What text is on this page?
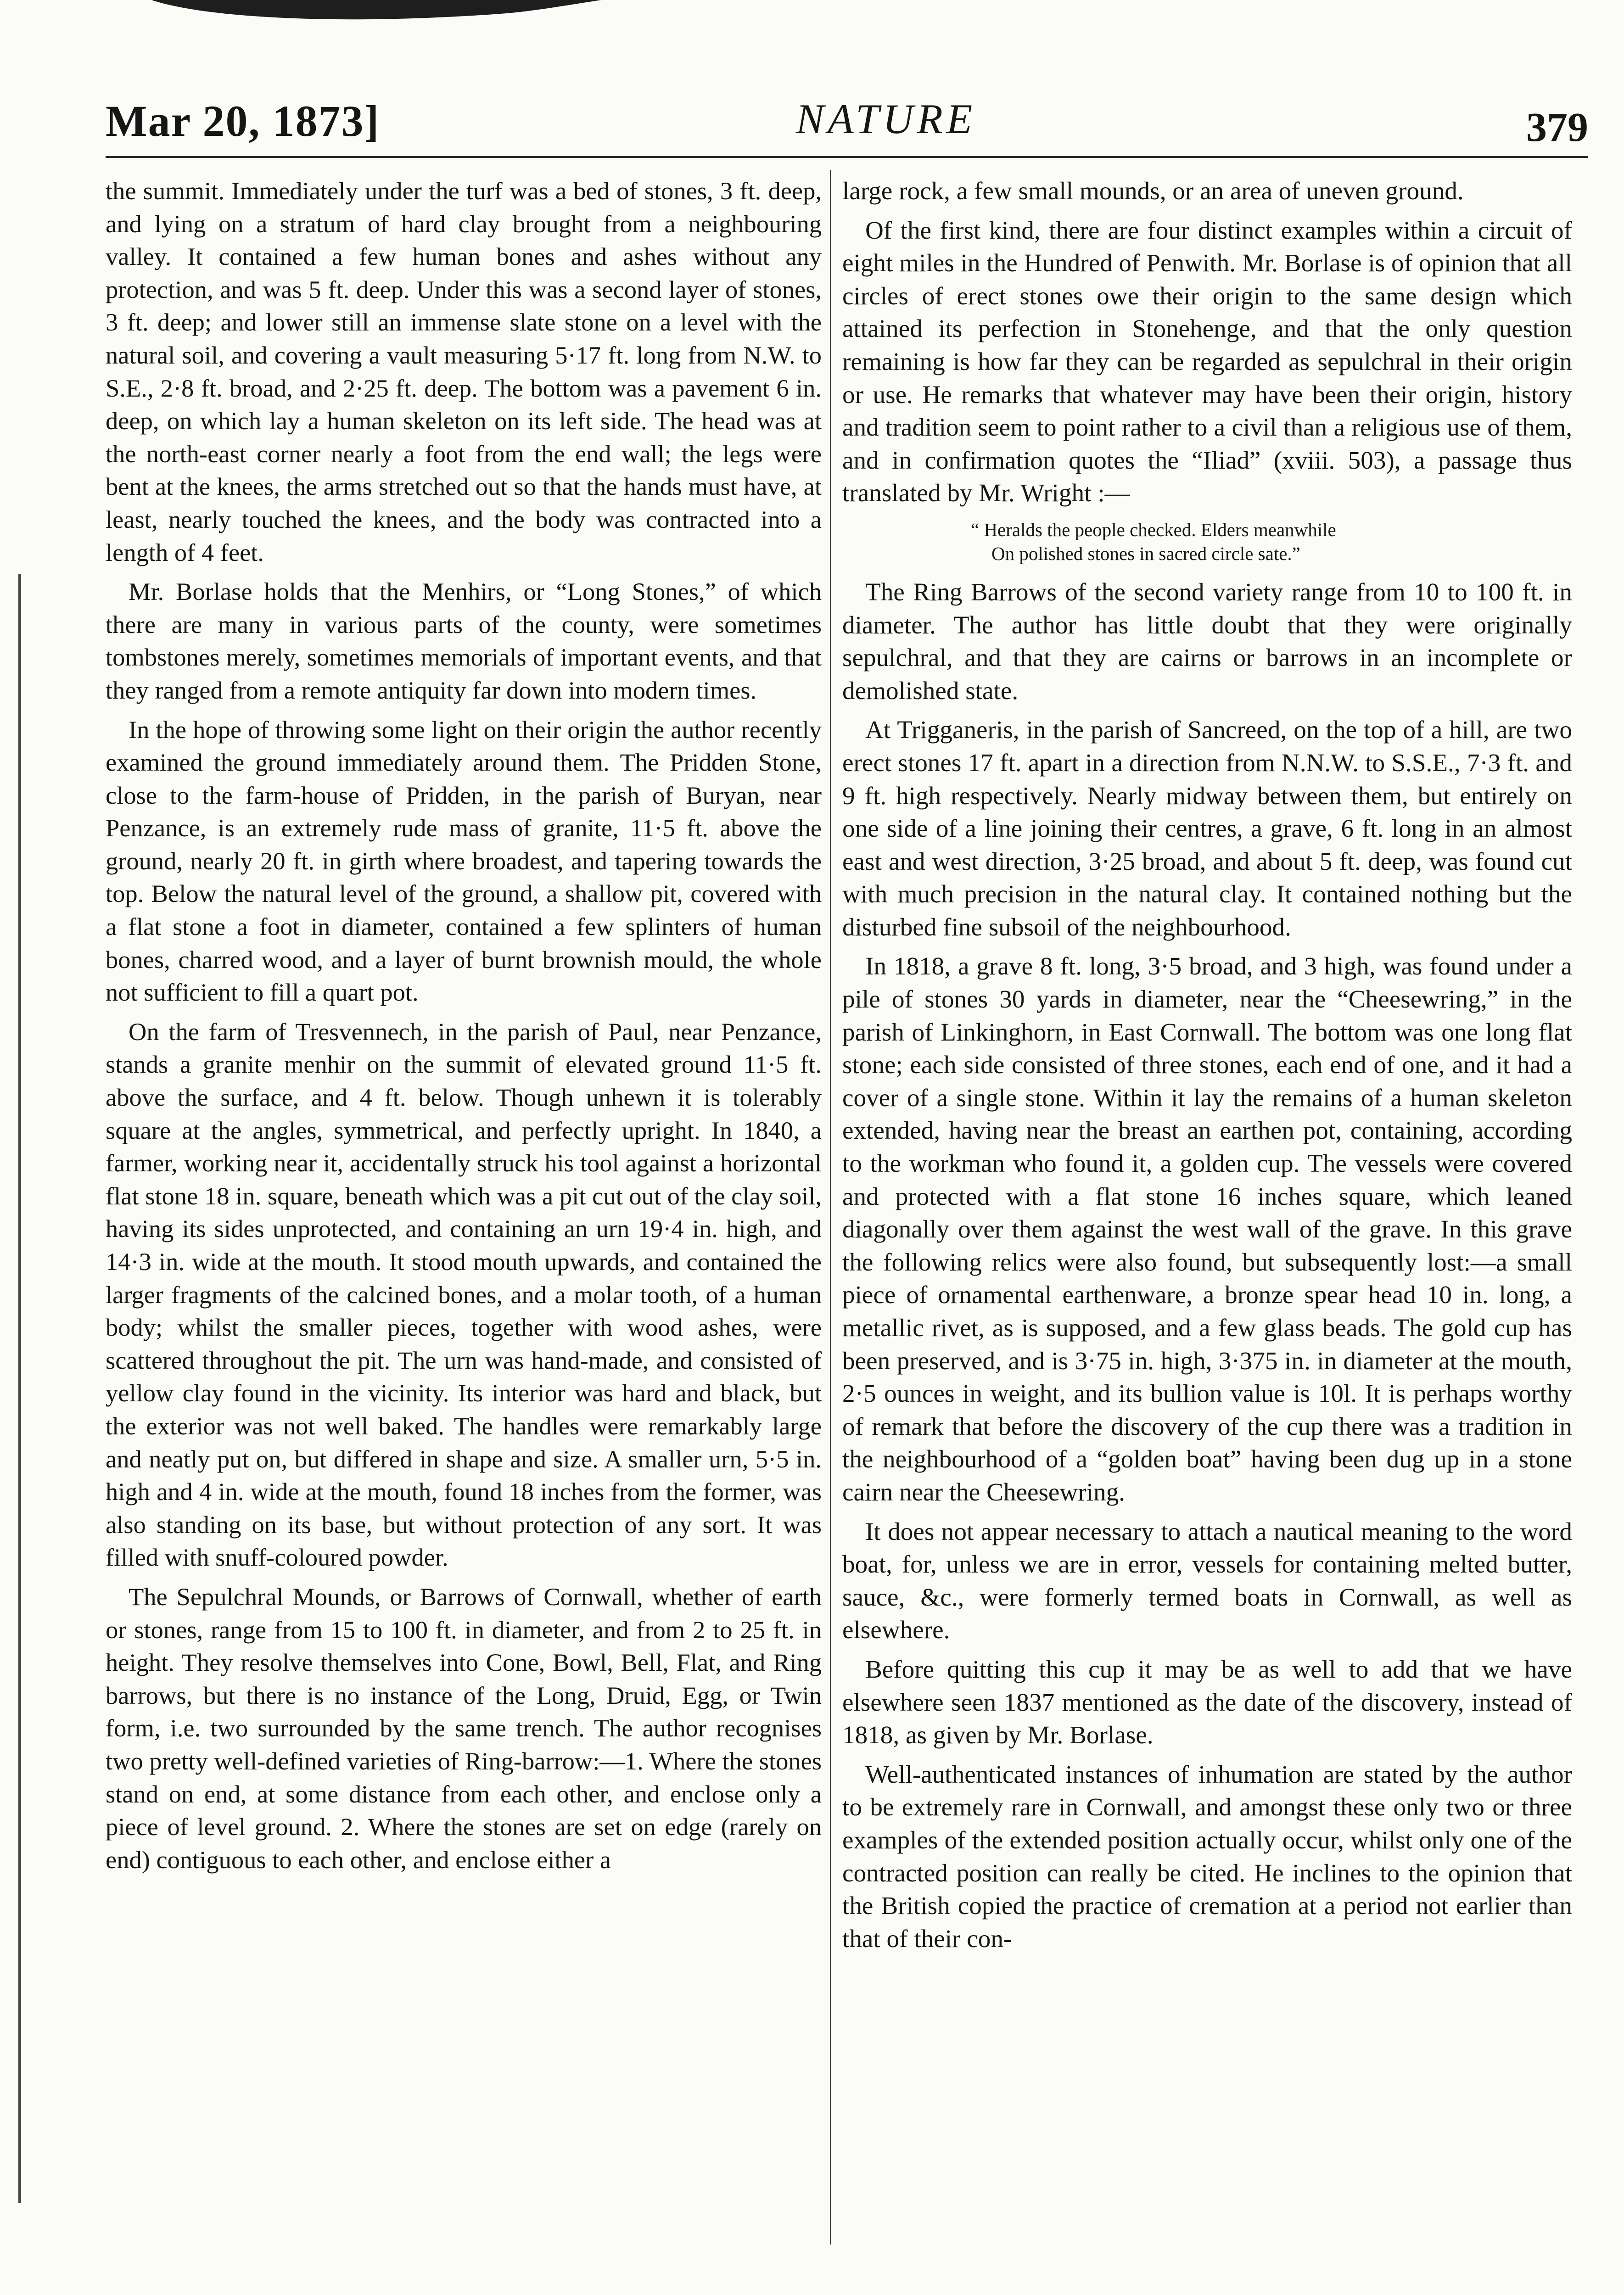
Mar 20, 1873]	NATURE	379

the summit. Immediately under the turf was a bed of stones, 3 ft. deep, and lying on a stratum of hard clay brought from a neighbouring valley. It contained a few human bones and ashes without any protection, and was 5 ft. deep. Under this was a second layer of stones, 3 ft. deep; and lower still an immense slate stone on a level with the natural soil, and covering a vault measuring 5·17 ft. long from N.W. to S.E., 2·8 ft. broad, and 2·25 ft. deep. The bottom was a pavement 6 in. deep, on which lay a human skeleton on its left side. The head was at the north-east corner nearly a foot from the end wall; the legs were bent at the knees, the arms stretched out so that the hands must have, at least, nearly touched the knees, and the body was contracted into a length of 4 feet.

Mr. Borlase holds that the Menhirs, or “Long Stones,” of which there are many in various parts of the county, were sometimes tombstones merely, sometimes memorials of important events, and that they ranged from a remote antiquity far down into modern times.

In the hope of throwing some light on their origin the author recently examined the ground immediately around them. The Pridden Stone, close to the farm-house of Pridden, in the parish of Buryan, near Penzance, is an extremely rude mass of granite, 11·5 ft. above the ground, nearly 20 ft. in girth where broadest, and tapering towards the top. Below the natural level of the ground, a shallow pit, covered with a flat stone a foot in diameter, contained a few splinters of human bones, charred wood, and a layer of burnt brownish mould, the whole not sufficient to fill a quart pot.

On the farm of Tresvennech, in the parish of Paul, near Penzance, stands a granite menhir on the summit of elevated ground 11·5 ft. above the surface, and 4 ft. below. Though unhewn it is tolerably square at the angles, symmetrical, and perfectly upright. In 1840, a farmer, working near it, accidentally struck his tool against a horizontal flat stone 18 in. square, beneath which was a pit cut out of the clay soil, having its sides unprotected, and containing an urn 19·4 in. high, and 14·3 in. wide at the mouth. It stood mouth upwards, and contained the larger fragments of the calcined bones, and a molar tooth, of a human body; whilst the smaller pieces, together with wood ashes, were scattered throughout the pit. The urn was hand-made, and consisted of yellow clay found in the vicinity. Its interior was hard and black, but the exterior was not well baked. The handles were remarkably large and neatly put on, but differed in shape and size. A smaller urn, 5·5 in. high and 4 in. wide at the mouth, found 18 inches from the former, was also standing on its base, but without protection of any sort. It was filled with snuff-coloured powder.

The Sepulchral Mounds, or Barrows of Cornwall, whether of earth or stones, range from 15 to 100 ft. in diameter, and from 2 to 25 ft. in height. They resolve themselves into Cone, Bowl, Bell, Flat, and Ring barrows, but there is no instance of the Long, Druid, Egg, or Twin form, i.e. two surrounded by the same trench. The author recognises two pretty well-defined varieties of Ring-barrow:—1. Where the stones stand on end, at some distance from each other, and enclose only a piece of level ground. 2. Where the stones are set on edge (rarely on end) contiguous to each other, and enclose either a

large rock, a few small mounds, or an area of uneven ground.

Of the first kind, there are four distinct examples within a circuit of eight miles in the Hundred of Penwith. Mr. Borlase is of opinion that all circles of erect stones owe their origin to the same design which attained its perfection in Stonehenge, and that the only question remaining is how far they can be regarded as sepulchral in their origin or use. He remarks that whatever may have been their origin, history and tradition seem to point rather to a civil than a religious use of them, and in confirmation quotes the “Iliad” (xviii. 503), a passage thus translated by Mr. Wright :—

“ Heralds the people checked. Elders meanwhile
On polished stones in sacred circle sate.”

The Ring Barrows of the second variety range from 10 to 100 ft. in diameter. The author has little doubt that they were originally sepulchral, and that they are cairns or barrows in an incomplete or demolished state.

At Trigganeris, in the parish of Sancreed, on the top of a hill, are two erect stones 17 ft. apart in a direction from N.N.W. to S.S.E., 7·3 ft. and 9 ft. high respectively. Nearly midway between them, but entirely on one side of a line joining their centres, a grave, 6 ft. long in an almost east and west direction, 3·25 broad, and about 5 ft. deep, was found cut with much precision in the natural clay. It contained nothing but the disturbed fine subsoil of the neighbourhood.

In 1818, a grave 8 ft. long, 3·5 broad, and 3 high, was found under a pile of stones 30 yards in diameter, near the “Cheesewring,” in the parish of Linkinghorn, in East Cornwall. The bottom was one long flat stone; each side consisted of three stones, each end of one, and it had a cover of a single stone. Within it lay the remains of a human skeleton extended, having near the breast an earthen pot, containing, according to the workman who found it, a golden cup. The vessels were covered and protected with a flat stone 16 inches square, which leaned diagonally over them against the west wall of the grave. In this grave the following relics were also found, but subsequently lost:—a small piece of ornamental earthenware, a bronze spear head 10 in. long, a metallic rivet, as is supposed, and a few glass beads. The gold cup has been preserved, and is 3·75 in. high, 3·375 in. in diameter at the mouth, 2·5 ounces in weight, and its bullion value is 10l. It is perhaps worthy of remark that before the discovery of the cup there was a tradition in the neighbourhood of a “golden boat” having been dug up in a stone cairn near the Cheesewring.

It does not appear necessary to attach a nautical meaning to the word boat, for, unless we are in error, vessels for containing melted butter, sauce, &c., were formerly termed boats in Cornwall, as well as elsewhere.

Before quitting this cup it may be as well to add that we have elsewhere seen 1837 mentioned as the date of the discovery, instead of 1818, as given by Mr. Borlase.

Well-authenticated instances of inhumation are stated by the author to be extremely rare in Cornwall, and amongst these only two or three examples of the extended position actually occur, whilst only one of the contracted position can really be cited. He inclines to the opinion that the British copied the practice of cremation at a period not earlier than that of their con-
